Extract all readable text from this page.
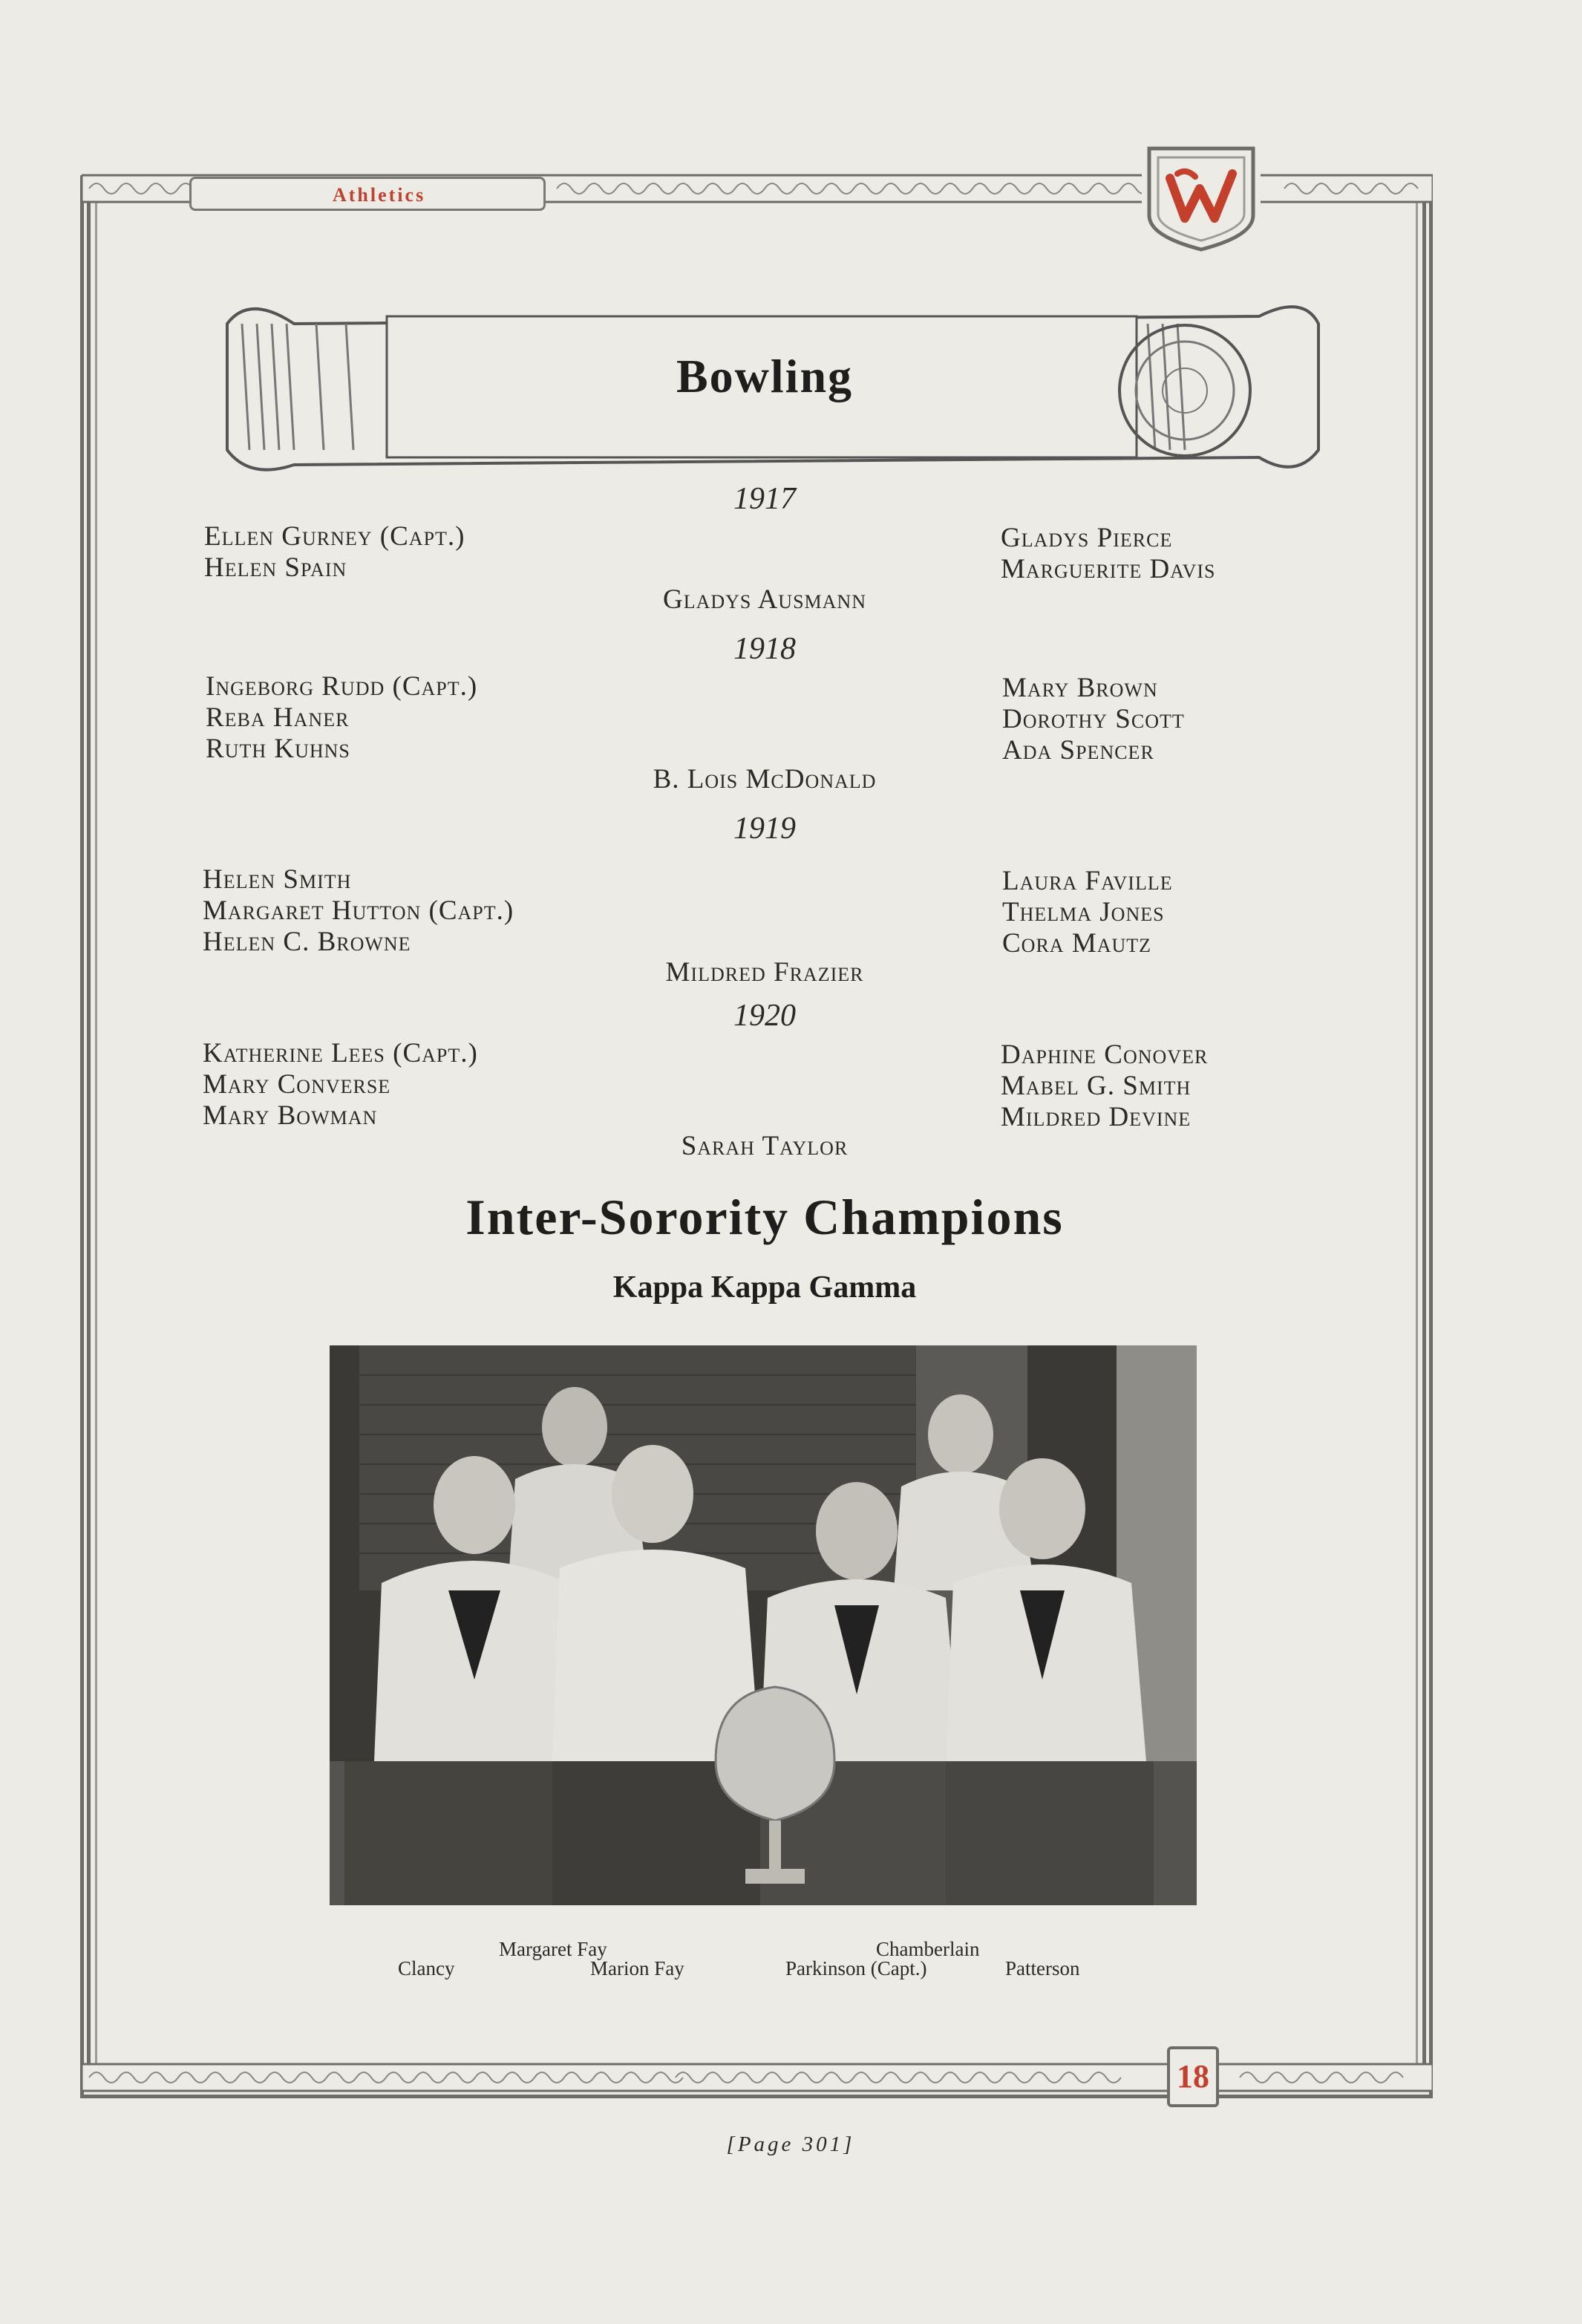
Athletics
Bowling
1917
Ellen Gurney (Capt.)
Helen Spain
Gladys Pierce
Marguerite Davis
Gladys Ausmann
1918
Ingeborg Rudd (Capt.)
Reba Haner
Ruth Kuhns
Mary Brown
Dorothy Scott
Ada Spencer
B. Lois McDonald
1919
Helen Smith
Margaret Hutton (Capt.)
Helen C. Browne
Laura Faville
Thelma Jones
Cora Mautz
Mildred Frazier
1920
Katherine Lees (Capt.)
Mary Converse
Mary Bowman
Daphine Conover
Mabel G. Smith
Mildred Devine
Sarah Taylor
Inter-Sorority Champions
Kappa Kappa Gamma
Clancy
Margaret Fay
Marion Fay
Chamberlain
Parkinson (Capt.)	Patterson
18
[Page 301]
